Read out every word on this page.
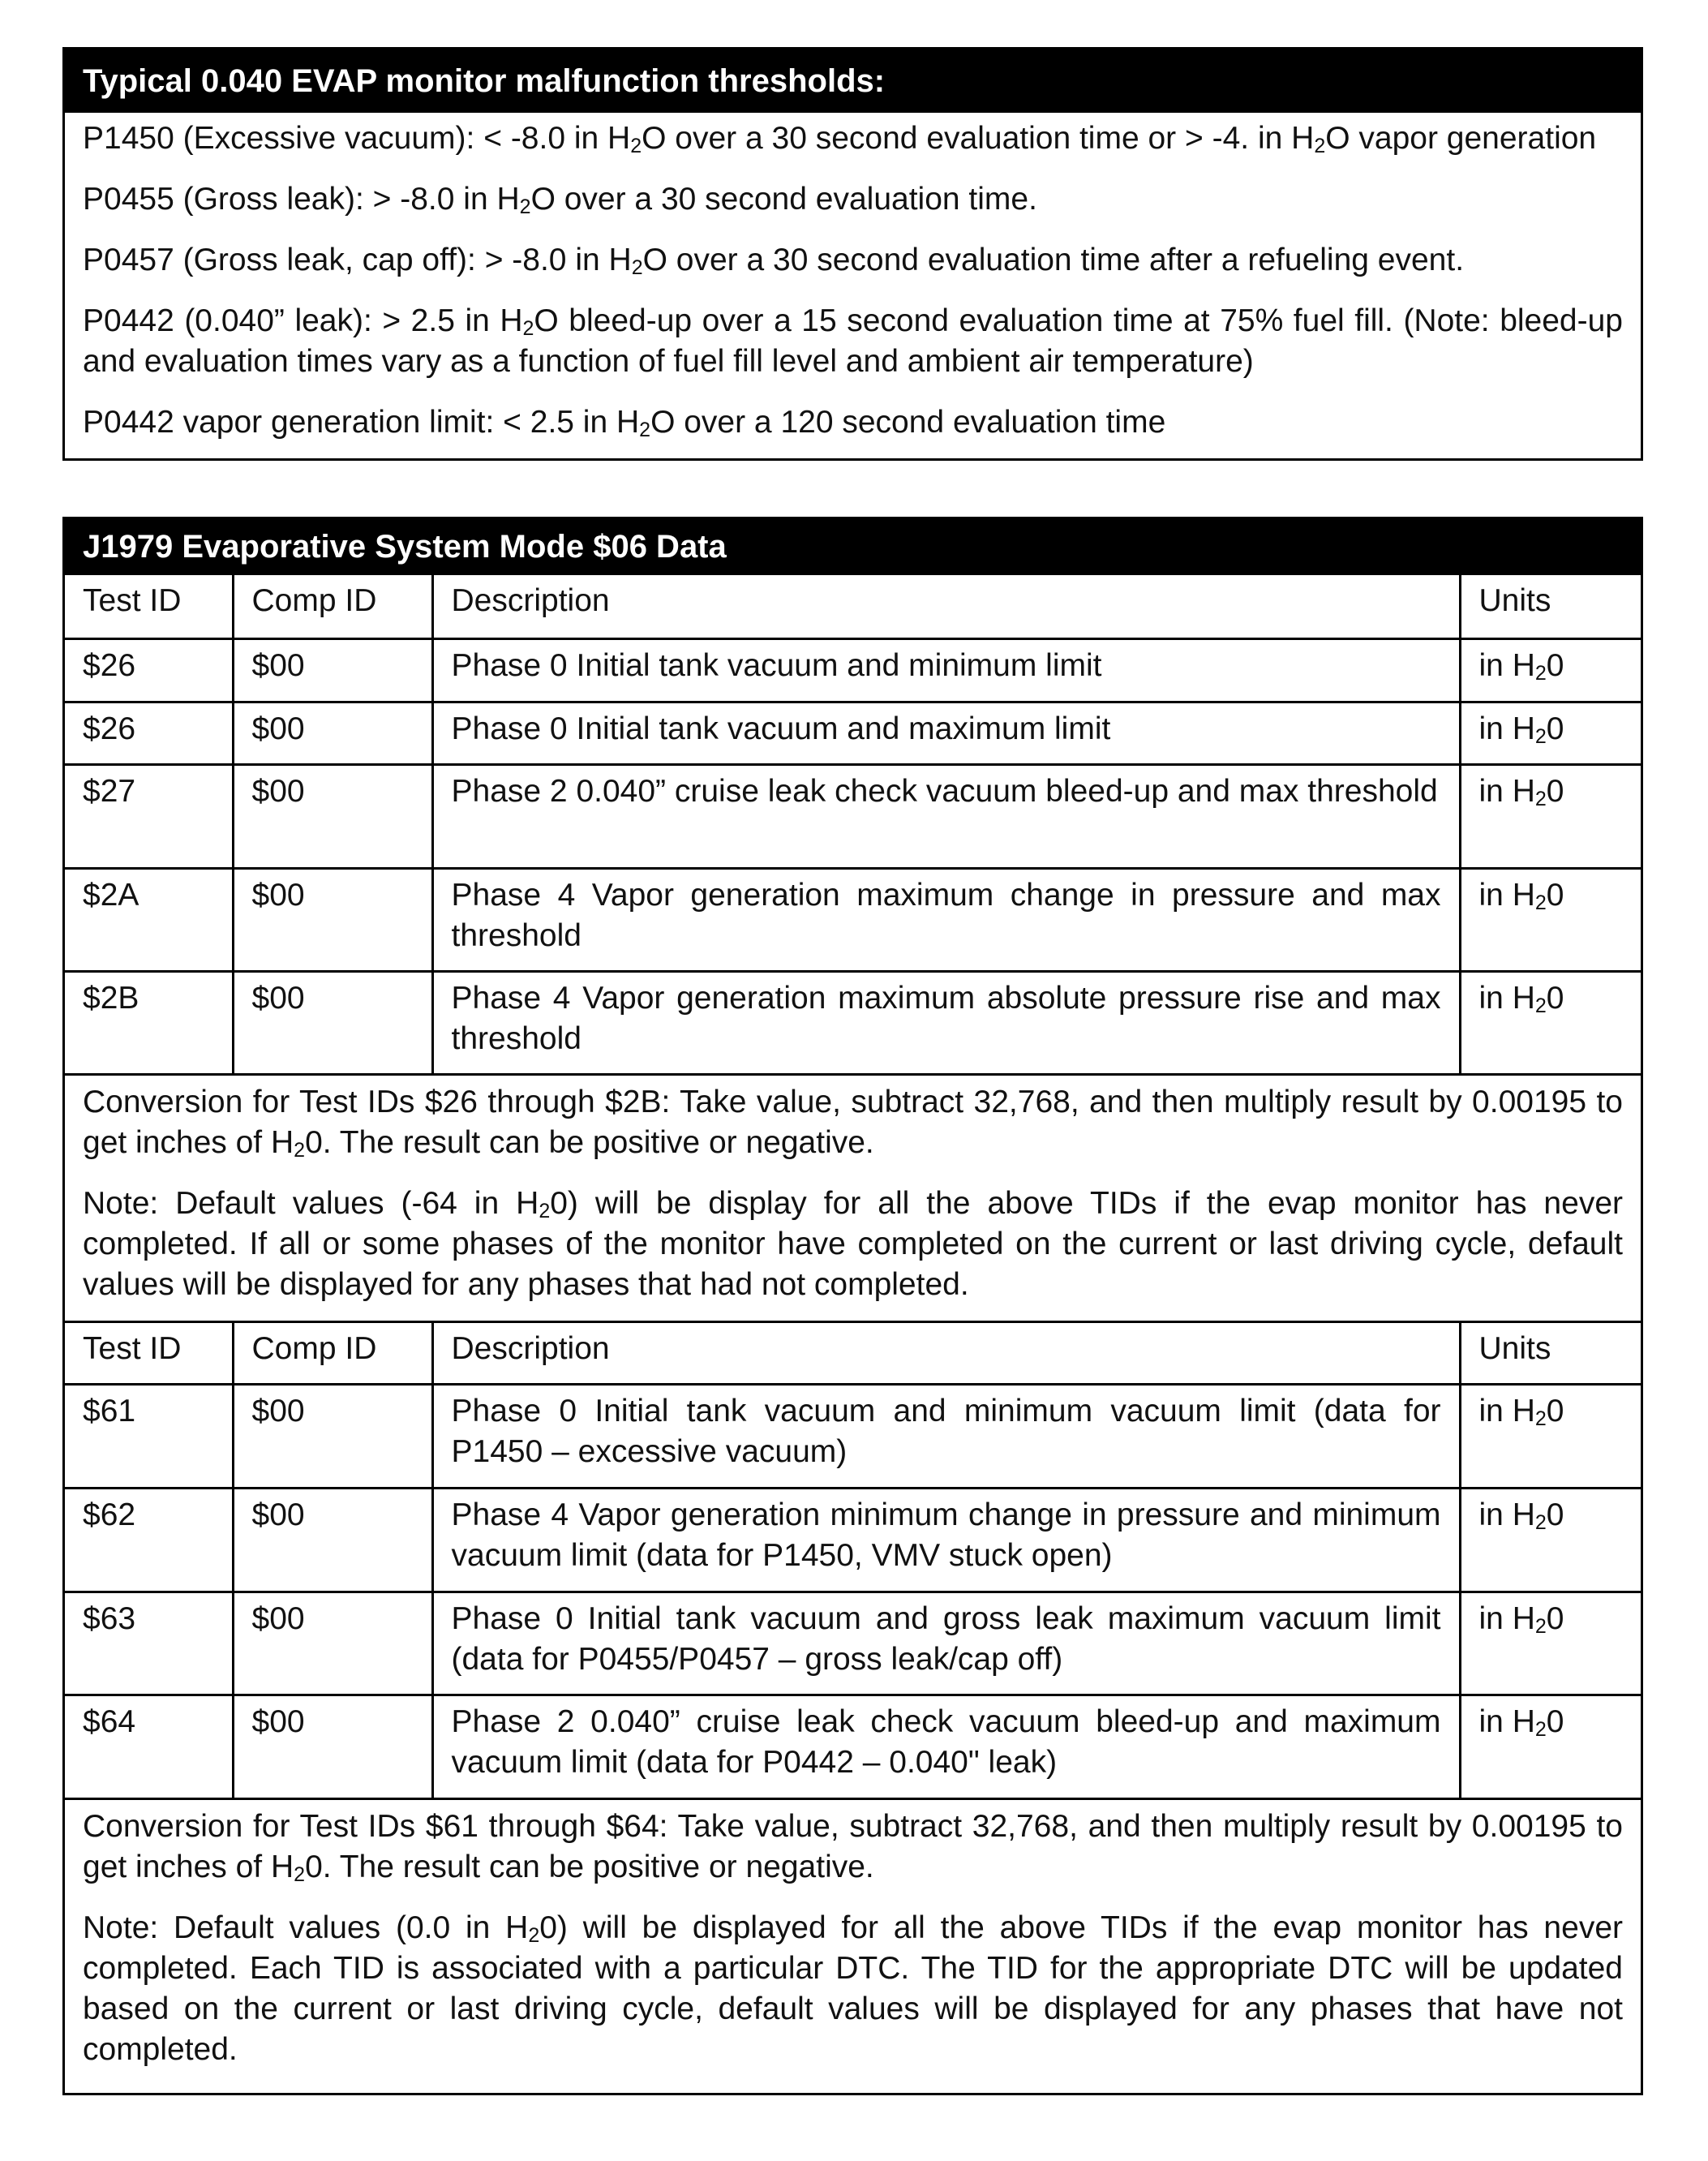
Typical 0.040 EVAP monitor malfunction thresholds:

P1450 (Excessive vacuum): < -8.0 in $H_2O$ over a 30 second evaluation time or > -4. in $H_2O$ vapor generation

P0455 (Gross leak): > -8.0 in $H_2O$ over a 30 second evaluation time.

P0457 (Gross leak, cap off): > -8.0 in $H_2O$ over a 30 second evaluation time after a refueling event.

P0442 (0.040” leak): > 2.5 in $H_2O$ bleed-up over a 15 second evaluation time at 75% fuel fill. (Note: bleed-up and evaluation times vary as a function of fuel fill level and ambient air temperature)

P0442 vapor generation limit: < 2.5 in $H_2O$ over a 120 second evaluation time

J1979 Evaporative System Mode $06 Data
Test ID	Comp ID	Description	Units
$26	$00	Phase 0 Initial tank vacuum and minimum limit	in $H_20$
$26	$00	Phase 0 Initial tank vacuum and maximum limit	in $H_20$
$27	$00	Phase 2 0.040” cruise leak check vacuum bleed-up and max threshold	in $H_20$
$2A	$00	Phase 4 Vapor generation maximum change in pressure and max threshold	in $H_20$
$2B	$00	Phase 4 Vapor generation maximum absolute pressure rise and max threshold	in $H_20$

Conversion for Test IDs $26 through $2B: Take value, subtract 32,768, and then multiply result by 0.00195 to get inches of $H_20$. The result can be positive or negative.

Note: Default values (-64 in $H_20$) will be display for all the above TIDs if the evap monitor has never completed. If all or some phases of the monitor have completed on the current or last driving cycle, default values will be displayed for any phases that had not completed.			

Test ID	Comp ID	Description	Units
$61	$00	Phase 0 Initial tank vacuum and minimum vacuum limit (data for P1450 – excessive vacuum)	in $H_20$
$62	$00	Phase 4 Vapor generation minimum change in pressure and minimum vacuum limit (data for P1450, VMV stuck open)	in $H_20$
$63	$00	Phase 0 Initial tank vacuum and gross leak maximum vacuum limit (data for P0455/P0457 – gross leak/cap off)	in $H_20$
$64	$00	Phase 2 0.040” cruise leak check vacuum bleed-up and maximum vacuum limit (data for P0442 – 0.040" leak)	in $H_20$

Conversion for Test IDs $61 through $64: Take value, subtract 32,768, and then multiply result by 0.00195 to get inches of $H_20$. The result can be positive or negative.

Note: Default values (0.0 in $H_20$) will be displayed for all the above TIDs if the evap monitor has never completed. Each TID is associated with a particular DTC. The TID for the appropriate DTC will be updated based on the current or last driving cycle, default values will be displayed for any phases that have not completed.			
